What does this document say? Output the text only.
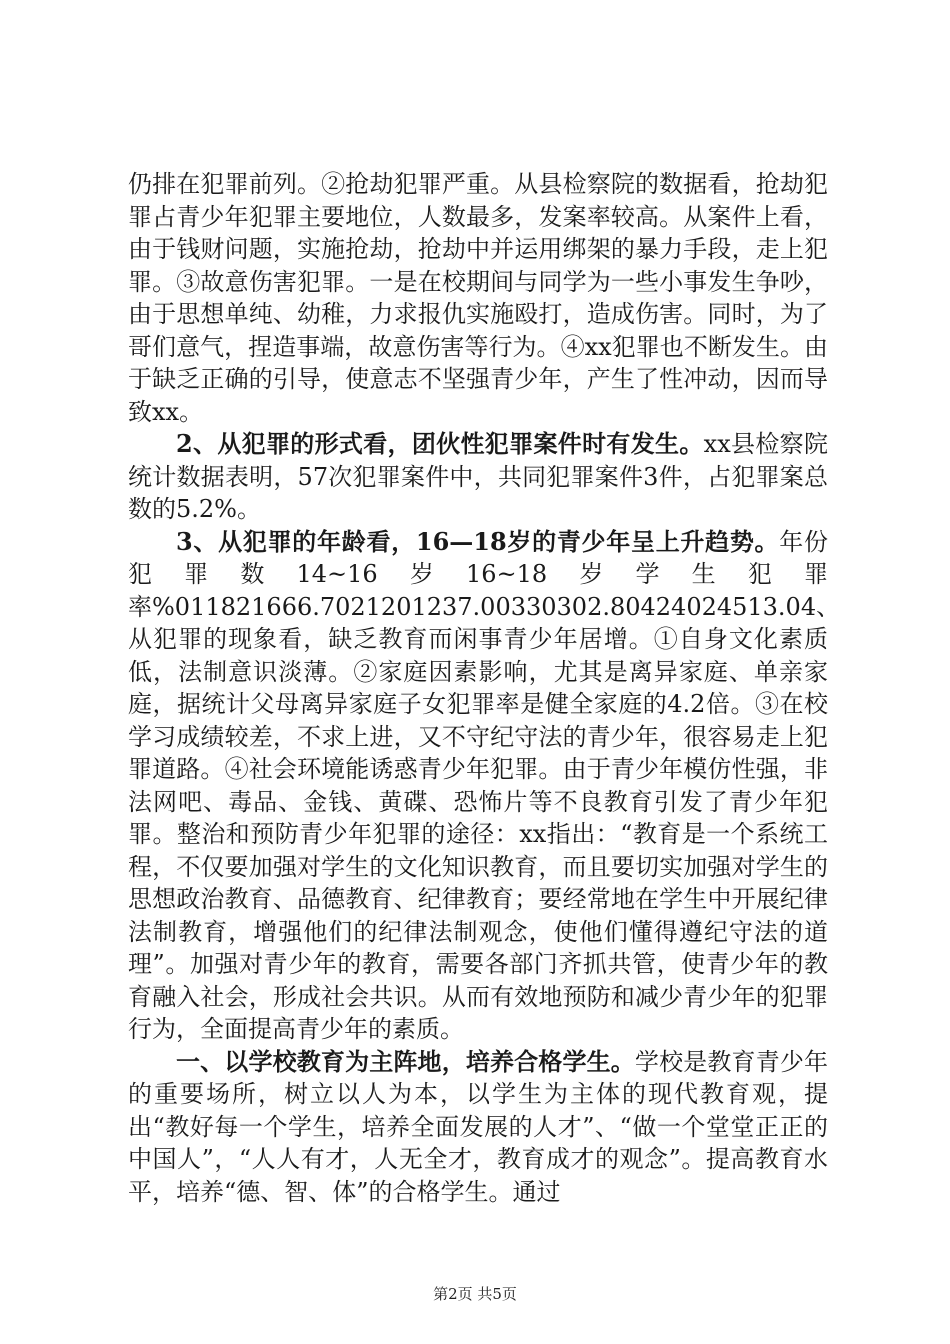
仍排在犯罪前列。②抢劫犯罪严重。从县检察院的数据看，抢劫犯罪占青少年犯罪主要地位，人数最多，发案率较高。从案件上看，由于钱财问题，实施抢劫，抢劫中并运用绑架的暴力手段，走上犯罪。③故意伤害犯罪。一是在校期间与同学为一些小事发生争吵，由于思想单纯、幼稚，力求报仇实施殴打，造成伤害。同时，为了哥们意气，捏造事端，故意伤害等行为。④xx犯罪也不断发生。由于缺乏正确的引导，使意志不坚强青少年，产生了性冲动，因而导致xx。

2、从犯罪的形式看，团伙性犯罪案件时有发生。xx县检察院统计数据表明，57次犯罪案件中，共同犯罪案件3件，占犯罪案总数的5.2%。

3、从犯罪的年龄看，16—18岁的青少年呈上升趋势。年份犯罪数14~16岁16~18岁学生犯罪

率%011821666.7021201237.00330302.80424024513.04、从犯罪的现象看，缺乏教育而闲事青少年居增。①自身文化素质低，法制意识淡薄。②家庭因素影响，尤其是离异家庭、单亲家庭，据统计父母离异家庭子女犯罪率是健全家庭的4.2倍。③在校学习成绩较差，不求上进，又不守纪守法的青少年，很容易走上犯罪道路。④社会环境能诱惑青少年犯罪。由于青少年模仿性强，非法网吧、毒品、金钱、黄碟、恐怖片等不良教育引发了青少年犯罪。整治和预防青少年犯罪的途径：xx指出：“教育是一个系统工程，不仅要加强对学生的文化知识教育，而且要切实加强对学生的思想政治教育、品德教育、纪律教育；要经常地在学生中开展纪律法制教育，增强他们的纪律法制观念，使他们懂得遵纪守法的道理”。加强对青少年的教育，需要各部门齐抓共管，使青少年的教育融入社会，形成社会共识。从而有效地预防和减少青少年的犯罪行为，全面提高青少年的素质。

一、以学校教育为主阵地，培养合格学生。学校是教育青少年的重要场所，树立以人为本，以学生为主体的现代教育观，提出“教好每一个学生，培养全面发展的人才”、“做一个堂堂正正的中国人”，“人人有才，人无全才，教育成才的观念”。提高教育水平，培养“德、智、体”的合格学生。通过

第2页 共5页
